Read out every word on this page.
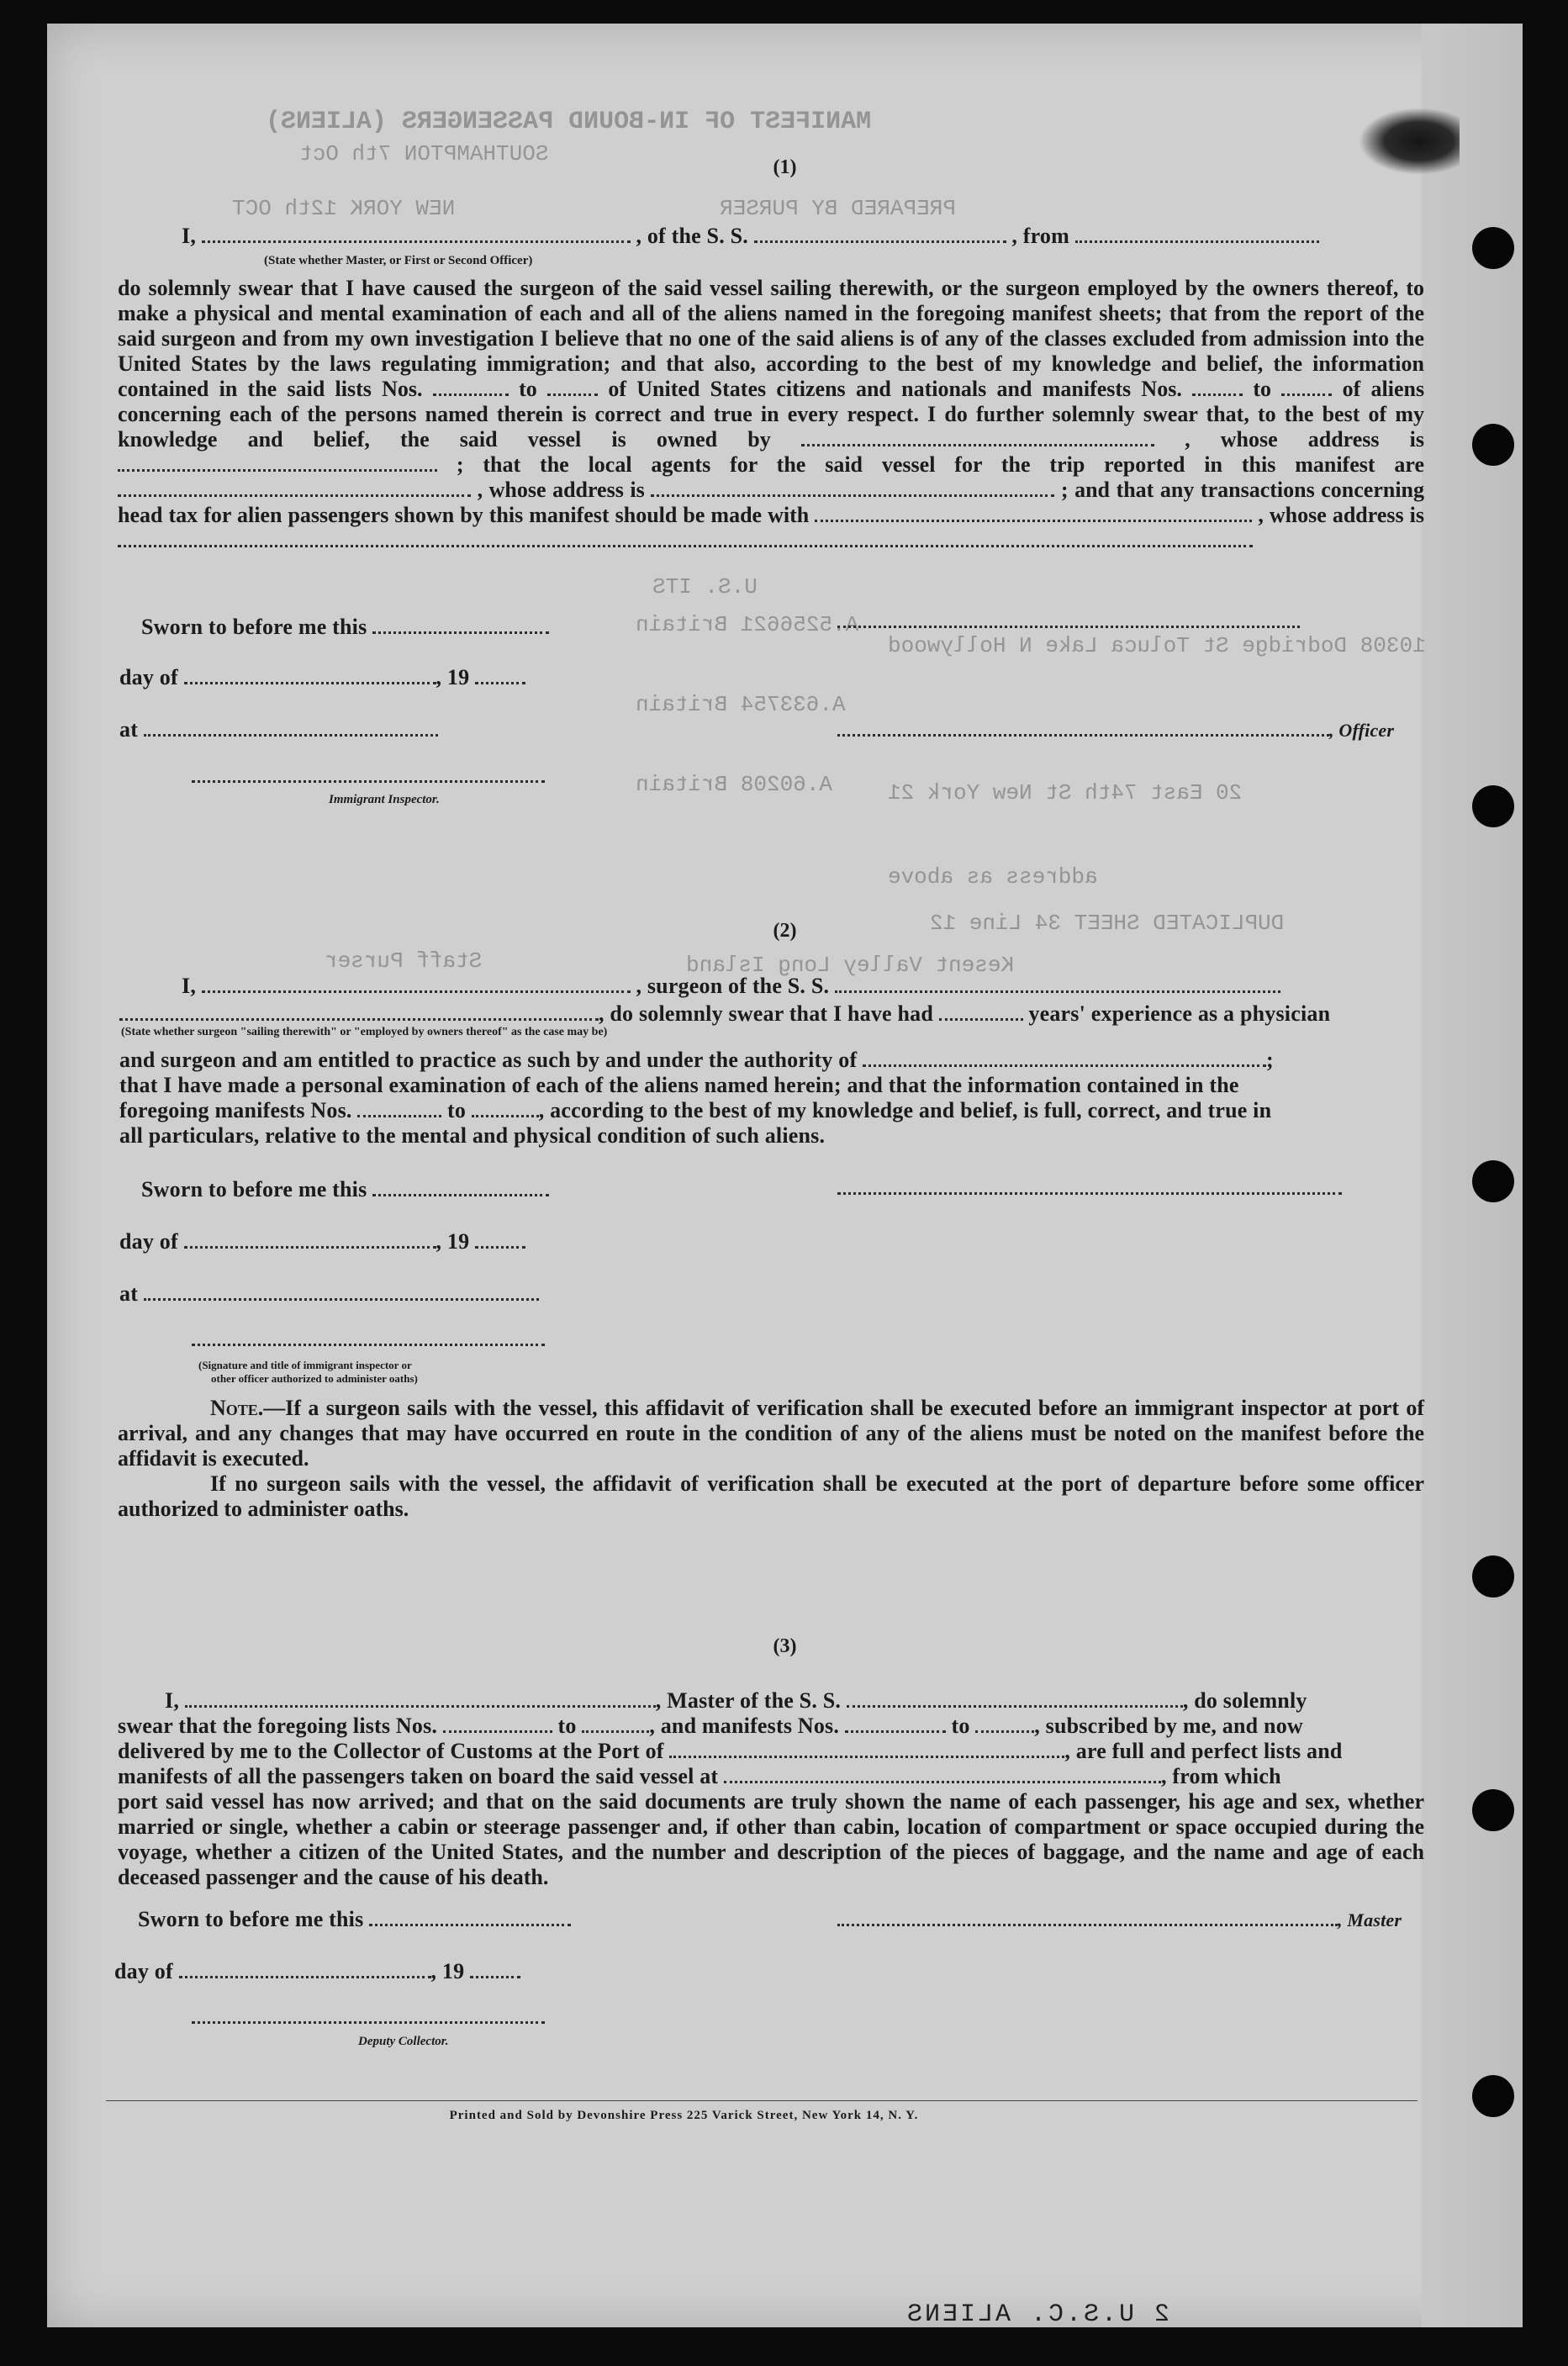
MANIFEST OF IN-BOUND PASSENGERS (ALIENS)
SOUTHAMPTON 7th Oct
NEW YORK 12th OCT	PREPARED BY PURSER
U.S. ITS
A.5256621 Britain
10308 Dodridge St Toluca Lake N Hollywood
A.633754 Britain
20 East 74th St New York 21
A.60208 Britain
address as above
DUPLICATED SHEET 34 Line 12
Staff Purser	Kesent Valley Long Island
(1)
I,	, of the S. S.	, from
(State whether Master, or First or Second Officer)

do solemnly swear that I have caused the surgeon of the said vessel sailing therewith, or the surgeon employed by the owners thereof, to make a physical and mental examination of each and all of the aliens named in the foregoing manifest sheets; that from the report of the said surgeon and from my own investigation I believe that no one of the said aliens is of any of the classes excluded from admission into the United States by the laws regulating immigration; and that also, according to the best of my knowledge and belief, the information contained in the said lists Nos.	to	of United States citizens and nationals and manifests Nos.	to	of aliens concerning each of the persons named therein is correct and true in every respect. I do further solemnly swear that, to the best of my knowledge and belief, the said vessel is owned by	, whose address is  ; that the local agents for the said vessel for the trip reported in this manifest are  , whose address is	; and that any transactions concerning head tax for alien passengers shown by this manifest should be made with	, whose address is

Sworn to before me this
day of	, 19
at	, Officer
Immigrant Inspector.
(2)
I,	, surgeon of the S. S.
, do solemnly swear that I have had	years' experience as a physician
(State whether surgeon "sailing therewith" or "employed by owners thereof" as the case may be)
and surgeon and am entitled to practice as such by and under the authority of	;
that I have made a personal examination of each of the aliens named herein; and that the information contained in the
foregoing manifests Nos.	to	, according to the best of my knowledge and belief, is full, correct, and true in
all particulars, relative to the mental and physical condition of such aliens.
Sworn to before me this
day of	, 19
at
(Signature and title of immigrant inspector or
other officer authorized to administer oaths)

Note.—If a surgeon sails with the vessel, this affidavit of verification shall be executed before an immigrant inspector at port of arrival, and any changes that may have occurred en route in the condition of any of the aliens must be noted on the manifest before the affidavit is executed.

If no surgeon sails with the vessel, the affidavit of verification shall be executed at the port of departure before some officer authorized to administer oaths.

(3)
I,	, Master of the S. S.	, do solemnly
swear that the foregoing lists Nos.	to	, and manifests Nos.	to	, subscribed by me, and now
delivered by me to the Collector of Customs at the Port of	, are full and perfect lists and
manifests of all the passengers taken on board the said vessel at	, from which

port said vessel has now arrived; and that on the said documents are truly shown the name of each passenger, his age and sex, whether married or single, whether a cabin or steerage passenger and, if other than cabin, location of compartment or space occupied during the voyage, whether a citizen of the United States, and the number and description of the pieces of baggage, and the name and age of each deceased passenger and the cause of his death.

Sworn to before me this	, Master
day of	, 19
Deputy Collector.
Printed and Sold by Devonshire Press 225 Varick Street, New York 14, N. Y.
2 U.S.C. ALIENS
